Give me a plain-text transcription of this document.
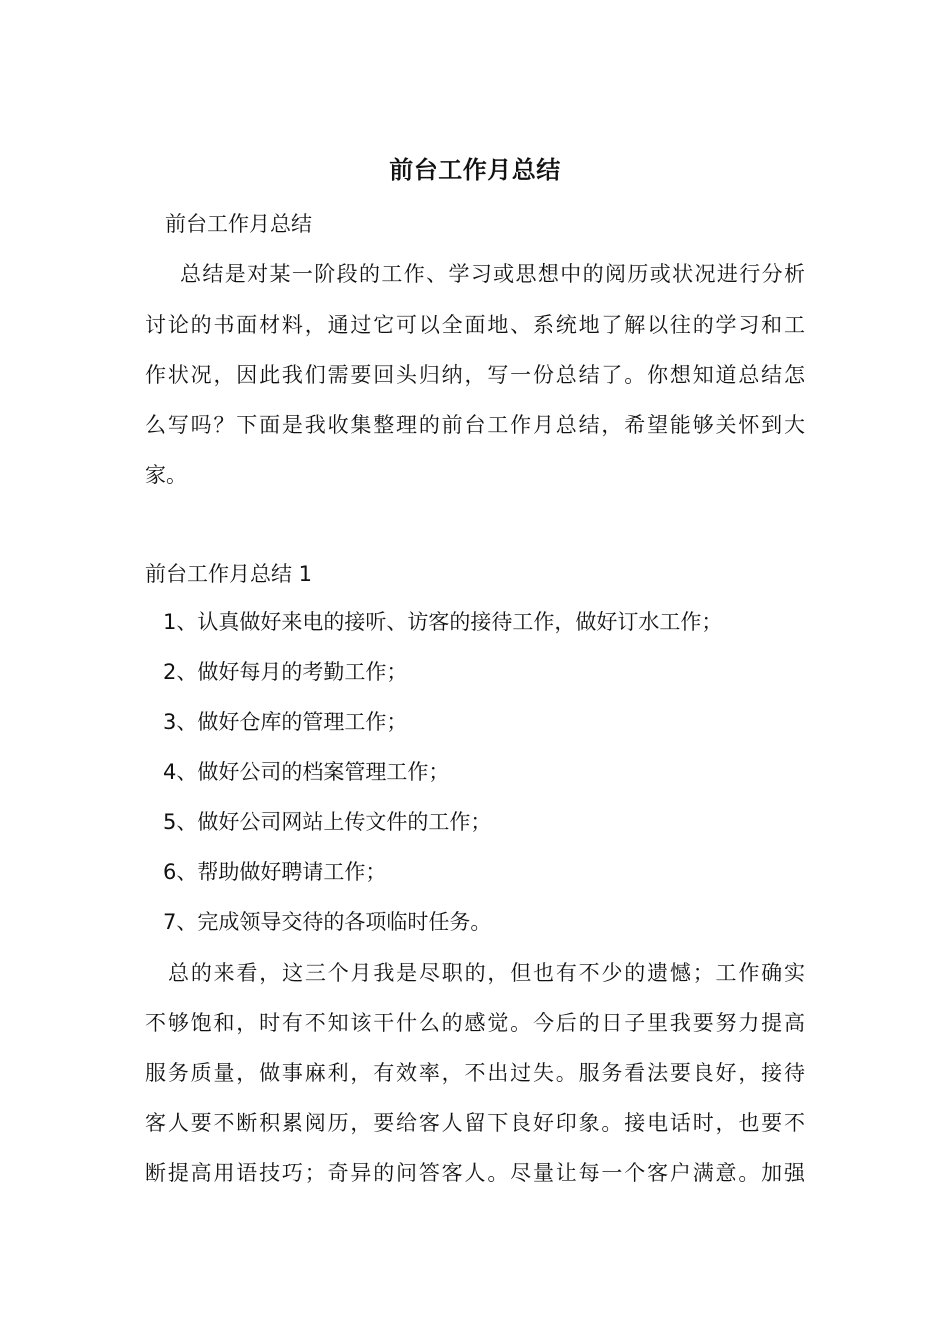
前台工作月总结
前台工作月总结
总结是对某一阶段的工作、学习或思想中的阅历或状况进行分析
讨论的书面材料，通过它可以全面地、系统地了解以往的学习和工
作状况，因此我们需要回头归纳，写一份总结了。你想知道总结怎
么写吗？下面是我收集整理的前台工作月总结，希望能够关怀到大
家。
前台工作月总结 1
1、认真做好来电的接听、访客的接待工作，做好订水工作；
2、做好每月的考勤工作；
3、做好仓库的管理工作；
4、做好公司的档案管理工作；
5、做好公司网站上传文件的工作；
6、帮助做好聘请工作；
7、完成领导交待的各项临时任务。
总的来看，这三个月我是尽职的，但也有不少的遗憾；工作确实
不够饱和，时有不知该干什么的感觉。今后的日子里我要努力提高
服务质量，做事麻利，有效率，不出过失。服务看法要良好，接待
客人要不断积累阅历，要给客人留下良好印象。接电话时，也要不
断提高用语技巧；奇异的问答客人。尽量让每一个客户满意。加强
